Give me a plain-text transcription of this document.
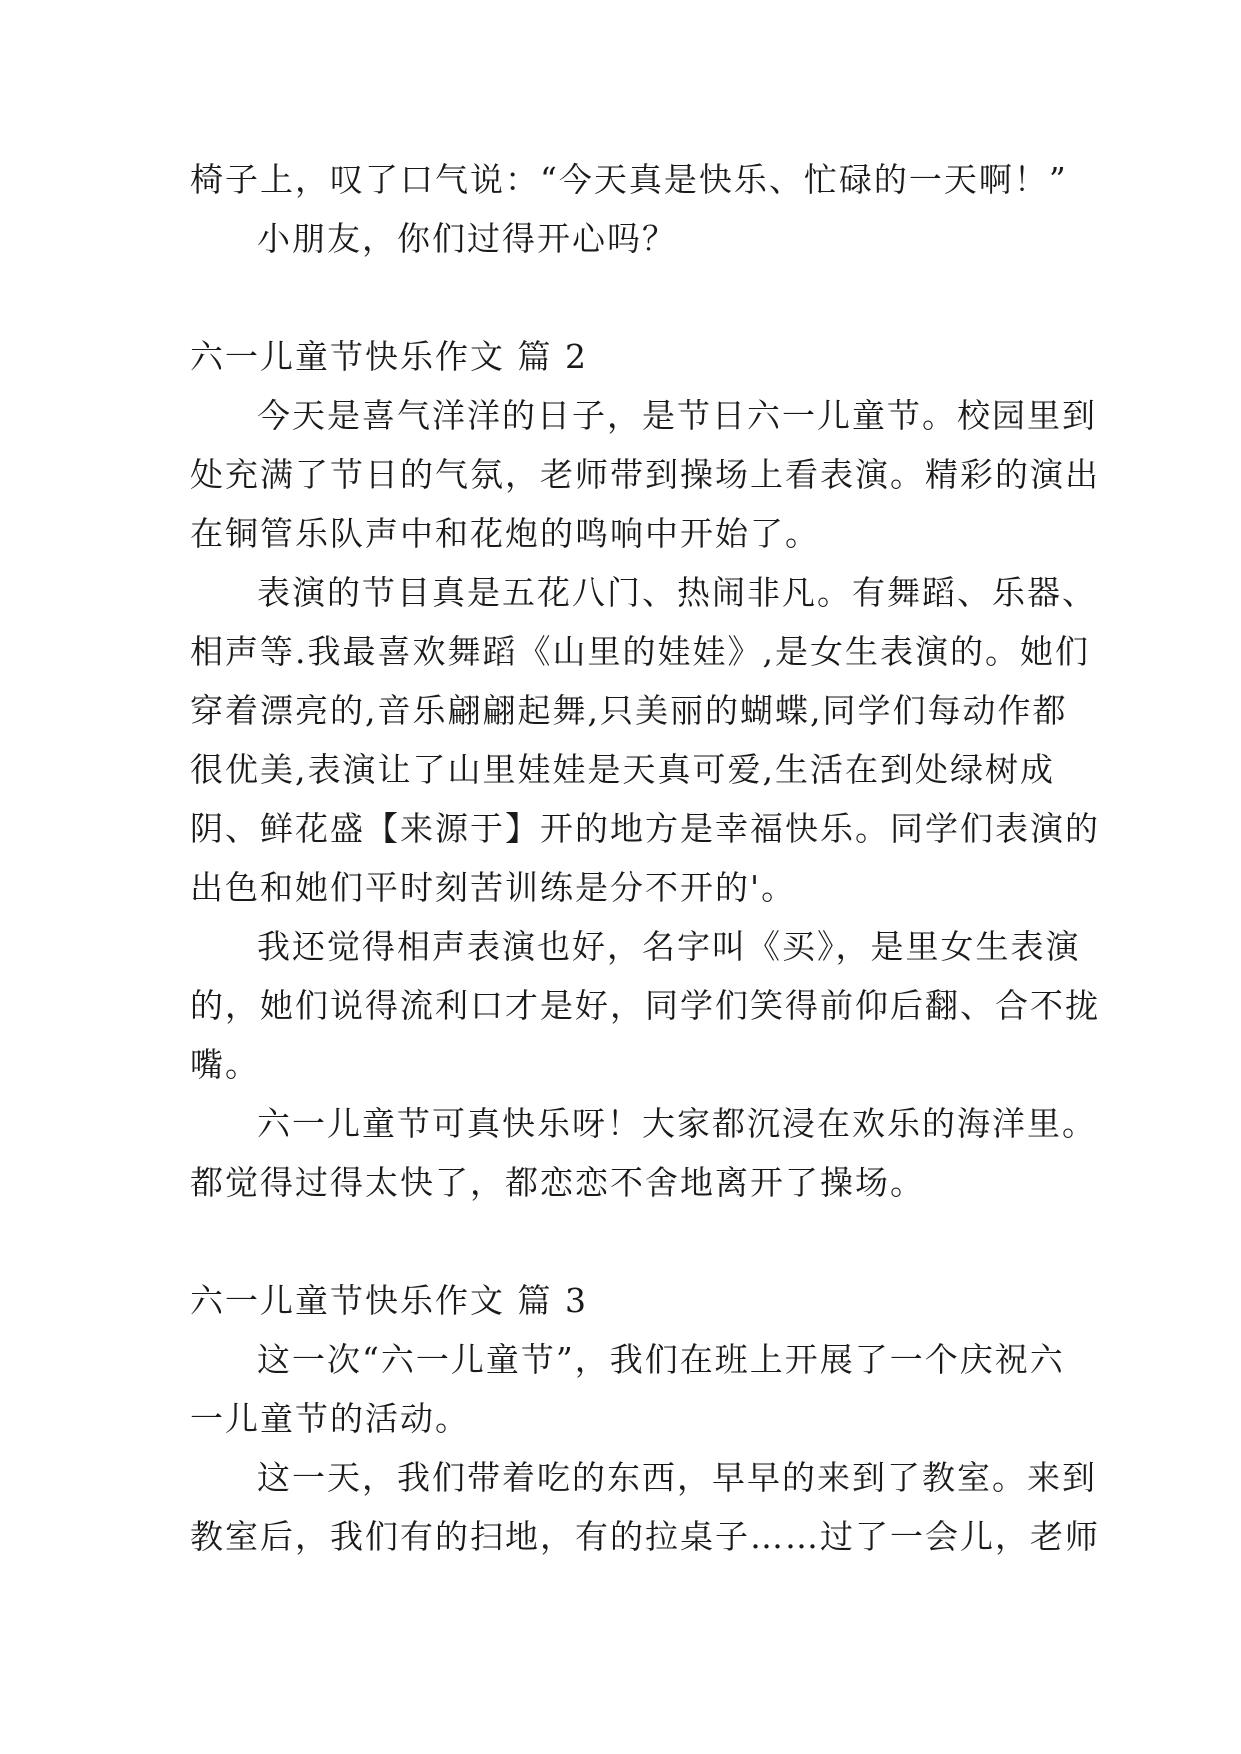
椅子上，叹了口气说：“今天真是快乐、忙碌的一天啊！”
小朋友，你们过得开心吗？
六一儿童节快乐作文 篇 2
今天是喜气洋洋的日子，是节日六一儿童节。校园里到
处充满了节日的气氛，老师带到操场上看表演。精彩的演出
在铜管乐队声中和花炮的鸣响中开始了。
表演的节目真是五花八门、热闹非凡。有舞蹈、乐器、
相声等.我最喜欢舞蹈《山里的娃娃》,是女生表演的。她们
穿着漂亮的,音乐翩翩起舞,只美丽的蝴蝶,同学们每动作都
很优美,表演让了山里娃娃是天真可爱,生活在到处绿树成
阴、鲜花盛【来源于】开的地方是幸福快乐。同学们表演的
出色和她们平时刻苦训练是分不开的'。
我还觉得相声表演也好，名字叫《买》，是里女生表演
的，她们说得流利口才是好，同学们笑得前仰后翻、合不拢
嘴。
六一儿童节可真快乐呀！大家都沉浸在欢乐的海洋里。
都觉得过得太快了，都恋恋不舍地离开了操场。
六一儿童节快乐作文 篇 3
这一次“六一儿童节”，我们在班上开展了一个庆祝六
一儿童节的活动。
这一天，我们带着吃的东西，早早的来到了教室。来到
教室后，我们有的扫地，有的拉桌子……过了一会儿，老师
